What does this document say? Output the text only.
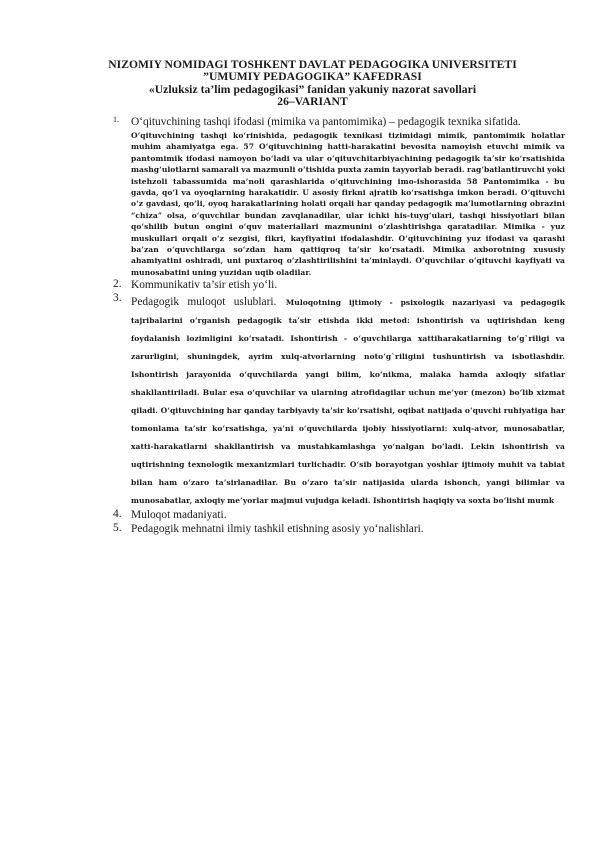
NIZOMIY NOMIDAGI TOSHKENT DAVLAT PEDAGOGIKA UNIVERSITETI
”UMUMIY PEDAGOGIKA” KAFEDRASI
«Uzluksiz ta’lim pedagogikasi” fanidan yakuniy nazorat savollari
26–VARIANT
1. O‘qituvchining tashqi ifodasi (mimika va pantomimika) – pedagogik texnika sifatida.
O‘qituvchining tashqi ko‘rinishida, pedagogik texnikasi tizimidagi mimik, pantomimik holatlar muhim ahamiyatga ega. 57 O‘qituvchining hatti-harakatini bevosita namoyish etuvchi mimik va pantomimik ifodasi namoyon bo‘ladi va ular o‘qituvchitarbiyachining pedagogik ta’sir ko‘rsatishida mashg‘ulotlarni samarali va mazmunli o‘tishida puxta zamin tayyorlab beradi. rag‘batlantiruvchi yoki istehzoli tabassumida ma’noli qarashlarida o‘qituvchining imo-ishorasida 58 Pantomimika - bu gavda, qo‘l va oyoqlarning harakatidir. U asosiy firkni ajratib ko‘rsatishga imkon beradi. O‘qituvchi o‘z gavdasi, qo‘li, oyoq harakatlarining holati orqali har qanday pedagogik ma’lumotlarning obrazini “chiza” olsa, o‘quvchilar bundan zavqlanadilar, ular ichki his-tuyg‘ulari, tashqi hissiyotlari bilan qo‘shilib butun ongini o‘quv materiallari mazmunini o‘zlashtirishga qaratadilar. Mimika - yuz muskullari orqali o‘z sezgisi, fikri, kayfiyatini ifodalashdir. O‘qituvchining yuz ifodasi va qarashi ba’zan o‘quvchilarga so‘zdan ham qattiqroq ta’sir ko‘rsatadi. Mimika axborotning xususiy ahamiyatini oshiradi, uni puxtaroq o‘zlashtirilishini ta’minlaydi. O‘quvchilar o‘qituvchi kayfiyati va munosabatini uning yuzidan uqib oladilar.
2. Kommunikativ ta’sir etish yo‘li.
3. Pedagogik muloqot uslublari. Muloqotning ijtimoiy - psixologik nazariyasi va pedagogik tajribalarini o‘rganish pedagogik ta’sir etishda ikki metod: ishontirish va uqtirishdan keng foydalanish lozimligini ko‘rsatadi. Ishontirish - o‘quvchilarga xattiharakatlarning to‘g`riligi va zarurligini, shuningdek, ayrim xulq-atvorlarning noto‘g`riligini tushuntirish va isbotlashdir. Ishontirish jarayonida o‘quvchilarda yangi bilim, ko‘nikma, malaka hamda axloqiy sifatlar shakllantiriladi. Bular esa o‘quvchilar va ularning atrofidagilar uchun me’yor (mezon) bo‘lib xizmat qiladi. O‘qituvchining har qanday tarbiyaviy ta’sir ko‘rsatishi, oqibat natijada o‘quvchi ruhiyatiga har tomonlama ta’sir ko‘rsatishga, ya’ni o‘quvchilarda ijobiy hissiyotlarni: xulq-atvor, munosabatlar, xatti-harakatlarni shakllantirish va mustahkamlashga yo‘nalgan bo‘ladi. Lekin ishontirish va uqtirishning texnologik mexanizmlari turlichadir. O‘sib borayotgan yoshlar ijtimoiy muhit va tabiat bilan ham o‘zaro ta’sirlanadilar. Bu o‘zaro ta’sir natijasida ularda ishonch, yangi bilimlar va munosabatlar, axloqiy me’yorlar majmui vujudga keladi. Ishontirish haqiqiy va soxta bo‘lishi mumk
4. Muloqot madaniyati.
5. Pedagogik mehnatni ilmiy tashkil etishning asosiy yo‘nalishlari.
